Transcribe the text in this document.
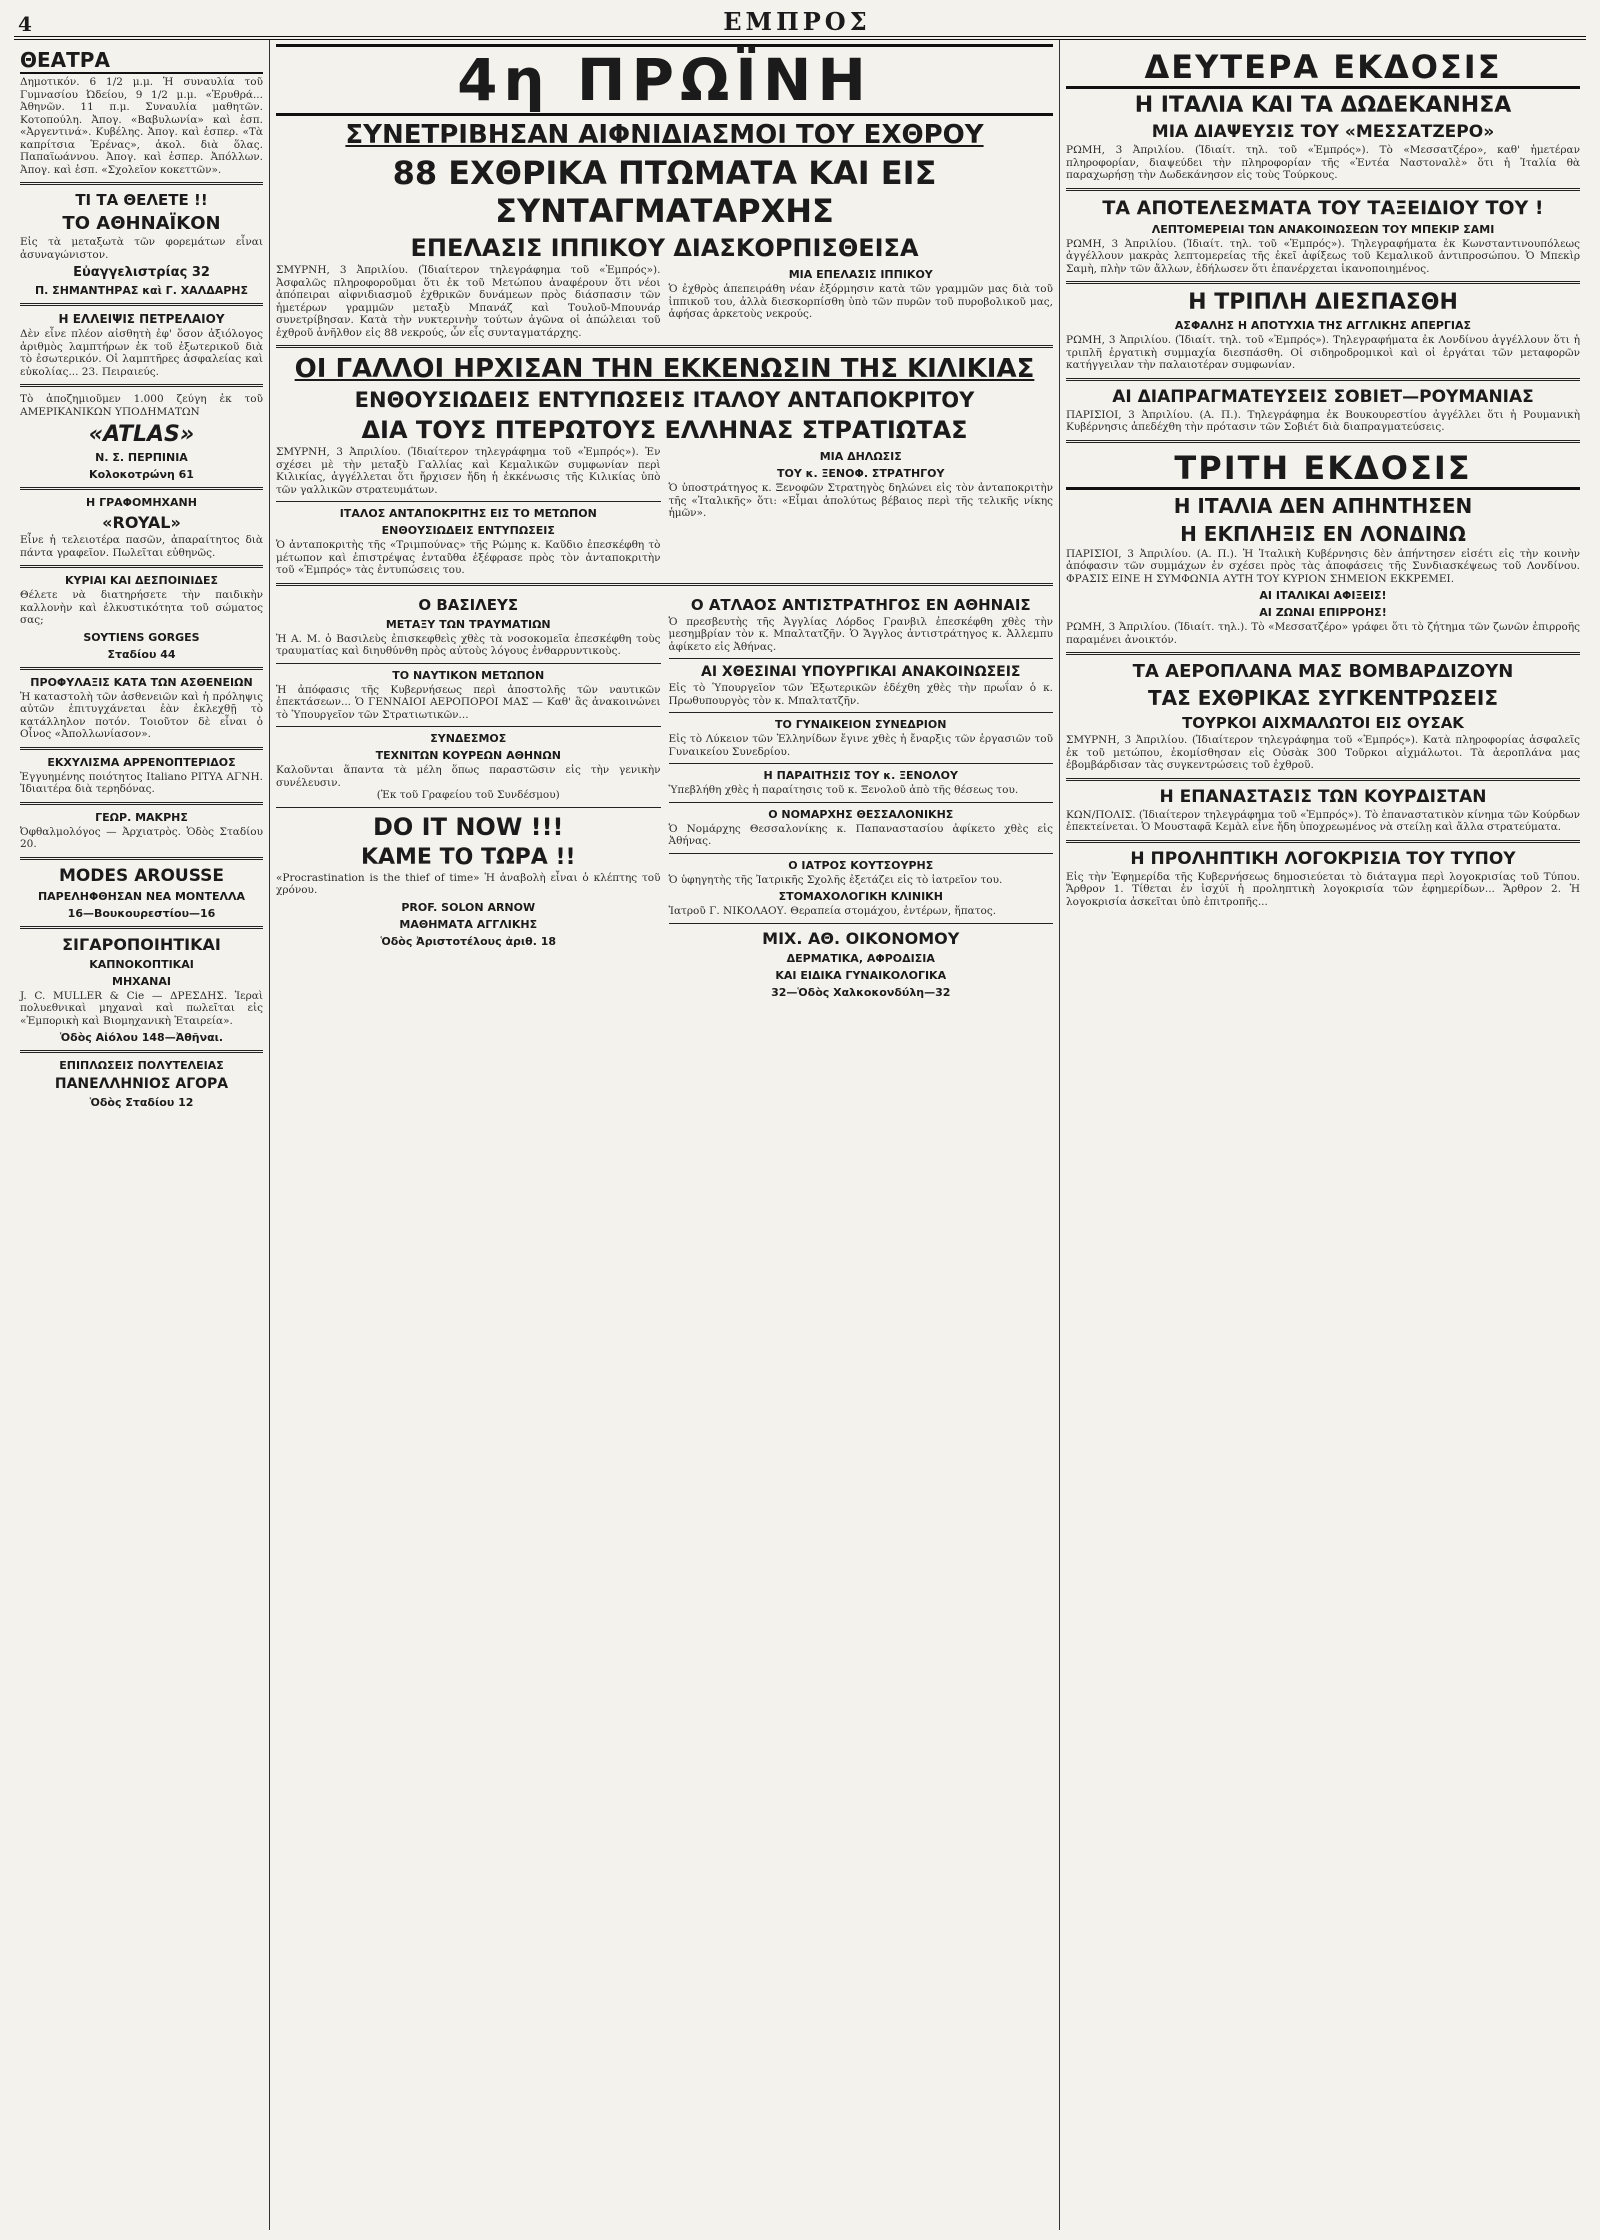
4	ΕΜΠΡΟΣ
ΘΕΑΤΡΑ
Δημοτικόν. 6 1/2 μ.μ. Ἡ συναυλία τοῦ Γυμνασίου Ὠδείου, 9 1/2 μ.μ. «Ἐρυθρά... Ἀθηνῶν. 11 π.μ. Συναυλία μαθητῶν. Κοτοπούλη. Ἀπογ. «Βαβυλωνία» καὶ ἑσπ. «Ἀργεντινά». Κυβέλης. Ἀπογ. καὶ ἑσπερ. «Τὰ καπρίτσια Ἑρένας», ἀκολ. διὰ ὅλας. Παπαϊωάννου. Ἀπογ. καὶ ἑσπερ. Ἀπόλλων. Ἀπογ. καὶ ἑσπ. «Σχολεῖον κοκεττῶν».
ΤΙ ΤΑ ΘΕΛΕΤΕ !!
ΤΟ ΑΘΗΝΑΪΚΟΝ
Εἰς τὰ μεταξωτὰ τῶν φορεμάτων εἶναι ἀσυναγώνιστον.
Εὐαγγελιστρίας 32
Π. ΣΗΜΑΝΤΗΡΑΣ καὶ Γ. ΧΑΛΔΑΡΗΣ
Η ΕΛΛΕΙΨΙΣ ΠΕΤΡΕΛΑΙΟΥ
Δὲν εἶνε πλέον αἰσθητὴ ἐφ' ὅσον ἀξιόλογος ἀριθμὸς λαμπτήρων ἐκ τοῦ ἐξωτερικοῦ διὰ τὸ ἐσωτερικόν. Οἱ λαμπτῆρες ἀσφαλείας καὶ εὐκολίας... 23. Πειραιεύς.
Τὸ ἀποζημιοῦμεν 1.000 ζεύγη ἐκ τοῦ ΑΜΕΡΙΚΑΝΙΚΩΝ ΥΠΟΔΗΜΑΤΩΝ
«ATLAS»
Ν. Σ. ΠΕΡΠΙΝΙΑ
Κολοκοτρώνη 61
Η ΓΡΑΦΟΜΗΧΑΝΗ
«ROYAL»
Εἶνε ἡ τελειοτέρα πασῶν, ἀπαραίτητος διὰ πάντα γραφεῖον. Πωλεῖται εὐθηνῶς.
ΚΥΡΙΑΙ ΚΑΙ ΔΕΣΠΟΙΝΙΔΕΣ
Θέλετε νὰ διατηρήσετε τὴν παιδικὴν καλλονὴν καὶ ἐλκυστικότητα τοῦ σώματος σας;
SOYTIENS GORGES
Σταδίου 44
ΠΡΟΦΥΛΑΞΙΣ ΚΑΤΑ ΤΩΝ ΑΣΘΕΝΕΙΩΝ
Ἡ καταστολὴ τῶν ἀσθενειῶν καὶ ἡ πρόληψις αὐτῶν ἐπιτυγχάνεται ἐὰν ἐκλεχθῇ τὸ κατάλληλον ποτόν. Τοιοῦτον δὲ εἶναι ὁ Οἶνος «Ἀπολλωνίασον».
ΕΚΧΥΛΙΣΜΑ ΑΡΡΕΝΟΠΤΕΡΙΔΟΣ
Ἐγγυημένης ποιότητος Italiano PITYA ΑΓΝΗ. Ἰδιαιτέρα διὰ τερηδόνας.
ΓΕΩΡ. ΜΑΚΡΗΣ
Ὀφθαλμολόγος — Ἀρχιατρὸς. Ὁδὸς Σταδίου 20.
MODES AROUSSE
ΠΑΡΕΛΗΦΘΗΣΑΝ ΝΕΑ ΜΟΝΤΕΛΛΑ
16—Βουκουρεστίου—16
ΣΙΓΑΡΟΠΟΙΗΤΙΚΑΙ
ΚΑΠΝΟΚΟΠΤΙΚΑΙ
ΜΗΧΑΝΑΙ
J. C. MULLER & Cie — ΔΡΕΣΔΗΣ. Ἱεραὶ πολυεθνικαὶ μηχαναὶ καὶ πωλεῖται εἰς «Ἐμπορικὴ καὶ Βιομηχανικὴ Ἑταιρεία».
Ὁδὸς Αἰόλου 148—Ἀθῆναι.
ΕΠΙΠΛΩΣΕΙΣ ΠΟΛΥΤΕΛΕΙΑΣ
ΠΑΝΕΛΛΗΝΙΟΣ ΑΓΟΡΑ
Ὁδὸς Σταδίου 12
4η ΠΡΩΪΝΗ
ΣΥΝΕΤΡΙΒΗΣΑΝ ΑΙΦΝΙΔΙΑΣΜΟΙ ΤΟΥ ΕΧΘΡΟΥ
88 ΕΧΘΡΙΚΑ ΠΤΩΜΑΤΑ ΚΑΙ ΕΙΣ ΣΥΝΤΑΓΜΑΤΑΡΧΗΣ
ΕΠΕΛΑΣΙΣ ΙΠΠΙΚΟΥ ΔΙΑΣΚΟΡΠΙΣΘΕΙΣΑ
ΣΜΥΡΝΗ, 3 Ἀπριλίου. (Ἰδιαίτερον τηλεγράφημα τοῦ «Ἐμπρός»). Ἀσφαλῶς πληροφοροῦμαι ὅτι ἐκ τοῦ Μετώπου ἀναφέρουν ὅτι νέοι ἀπόπειραι αἰφνιδιασμοῦ ἐχθρικῶν δυνάμεων πρὸς διάσπασιν τῶν ἡμετέρων γραμμῶν μεταξὺ Μπανάζ καὶ Τουλοῦ-Μπουνάρ συνετρίβησαν. Κατὰ τὴν νυκτερινὴν τούτων ἀγῶνα οἱ ἀπώλειαι τοῦ ἐχθροῦ ἀνῆλθον εἰς 88 νεκρούς, ὧν εἷς συνταγματάρχης.
ΜΙΑ ΕΠΕΛΑΣΙΣ ΙΠΠΙΚΟΥ
Ὁ ἐχθρὸς ἀπεπειράθη νέαν ἐξόρμησιν κατὰ τῶν γραμμῶν μας διὰ τοῦ ἱππικοῦ του, ἀλλὰ διεσκορπίσθη ὑπὸ τῶν πυρῶν τοῦ πυροβολικοῦ μας, ἀφήσας ἀρκετοὺς νεκρούς.
ΟΙ ΓΑΛΛΟΙ ΗΡΧΙΣΑΝ ΤΗΝ ΕΚΚΕΝΩΣΙΝ ΤΗΣ ΚΙΛΙΚΙΑΣ
ΕΝΘΟΥΣΙΩΔΕΙΣ ΕΝΤΥΠΩΣΕΙΣ ΙΤΑΛΟΥ ΑΝΤΑΠΟΚΡΙΤΟΥ
ΔΙΑ ΤΟΥΣ ΠΤΕΡΩΤΟΥΣ ΕΛΛΗΝΑΣ ΣΤΡΑΤΙΩΤΑΣ
ΣΜΥΡΝΗ, 3 Ἀπριλίου. (Ἰδιαίτερον τηλεγράφημα τοῦ «Ἐμπρός»). Ἐν σχέσει μὲ τὴν μεταξὺ Γαλλίας καὶ Κεμαλικῶν συμφωνίαν περὶ Κιλικίας, ἀγγέλλεται ὅτι ἤρχισεν ἤδη ἡ ἐκκένωσις τῆς Κιλικίας ὑπὸ τῶν γαλλικῶν στρατευμάτων.
ΙΤΑΛΟΣ ΑΝΤΑΠΟΚΡΙΤΗΣ ΕΙΣ ΤΟ ΜΕΤΩΠΟΝ
ΕΝΘΟΥΣΙΩΔΕΙΣ ΕΝΤΥΠΩΣΕΙΣ
Ὁ ἀνταποκριτὴς τῆς «Τριμπούνας» τῆς Ρώμης κ. Καῦδιο ἐπεσκέφθη τὸ μέτωπον καὶ ἐπιστρέψας ἐνταῦθα ἐξέφρασε πρὸς τὸν ἀνταποκριτὴν τοῦ «Ἐμπρός» τὰς ἐντυπώσεις του.
ΜΙΑ ΔΗΛΩΣΙΣ
ΤΟΥ κ. ΞΕΝΟΦ. ΣΤΡΑΤΗΓΟΥ
Ὁ ὑποστράτηγος κ. Ξενοφῶν Στρατηγὸς δηλώνει εἰς τὸν ἀνταποκριτὴν τῆς «Ἰταλικῆς» ὅτι: «Εἶμαι ἀπολύτως βέβαιος περὶ τῆς τελικῆς νίκης ἡμῶν».
Ο ΒΑΣΙΛΕΥΣ
ΜΕΤΑΞΥ ΤΩΝ ΤΡΑΥΜΑΤΙΩΝ
Ἡ Α. Μ. ὁ Βασιλεὺς ἐπισκεφθεὶς χθὲς τὰ νοσοκομεῖα ἐπεσκέφθη τοὺς τραυματίας καὶ διηυθύνθη πρὸς αὐτοὺς λόγους ἐνθαρρυντικοὺς.
ΤΟ ΝΑΥΤΙΚΟΝ ΜΕΤΩΠΟΝ
Ἡ ἀπόφασις τῆς Κυβερνήσεως περὶ ἀποστολῆς τῶν ναυτικῶν ἐπεκτάσεων... Ὁ ΓΕΝΝΑΙΟΙ ΑΕΡΟΠΟΡΟΙ ΜΑΣ — Καθ' ἃς ἀνακοινώνει τὸ Ὑπουργεῖον τῶν Στρατιωτικῶν...
ΣΥΝΔΕΣΜΟΣ
ΤΕΧΝΙΤΩΝ ΚΟΥΡΕΩΝ ΑΘΗΝΩΝ
Καλοῦνται ἅπαντα τὰ μέλη ὅπως παραστῶσιν εἰς τὴν γενικὴν συνέλευσιν.
(Ἐκ τοῦ Γραφείου τοῦ Συνδέσμου)
DO IT NOW !!!
ΚΑΜΕ ΤΟ ΤΩΡΑ !!
«Procrastination is the thief of time» Ἡ ἀναβολὴ εἶναι ὁ κλέπτης τοῦ χρόνου.
PROF. SOLON ARNOW
ΜΑΘΗΜΑΤΑ ΑΓΓΛΙΚΗΣ
Ὁδὸς Ἀριστοτέλους ἀριθ. 18
Ο ΑΤΛΑΟΣ ΑΝΤΙΣΤΡΑΤΗΓΟΣ ΕΝ ΑΘΗΝΑΙΣ
Ὁ πρεσβευτὴς τῆς Ἀγγλίας Λόρδος Γρανβιλ ἐπεσκέφθη χθὲς τὴν μεσημβρίαν τὸν κ. Μπαλτατζῆν. Ὁ Ἄγγλος ἀντιστράτηγος κ. Ἀλλεμπυ ἀφίκετο εἰς Ἀθήνας.
ΑΙ ΧΘΕΣΙΝΑΙ ΥΠΟΥΡΓΙΚΑΙ ΑΝΑΚΟΙΝΩΣΕΙΣ
Εἰς τὸ Ὑπουργεῖον τῶν Ἐξωτερικῶν ἐδέχθη χθὲς τὴν πρωΐαν ὁ κ. Πρωθυπουργὸς τὸν κ. Μπαλτατζῆν.
ΤΟ ΓΥΝΑΙΚΕΙΟΝ ΣΥΝΕΔΡΙΟΝ
Εἰς τὸ Λύκειον τῶν Ἑλληνίδων ἔγινε χθὲς ἡ ἔναρξις τῶν ἐργασιῶν τοῦ Γυναικείου Συνεδρίου.
Η ΠΑΡΑΙΤΗΣΙΣ ΤΟΥ κ. ΞΕΝΟΛΟΥ
Ὑπεβλήθη χθὲς ἡ παραίτησις τοῦ κ. Ξενολοῦ ἀπὸ τῆς θέσεως του.
Ο ΝΟΜΑΡΧΗΣ ΘΕΣΣΑΛΟΝΙΚΗΣ
Ὁ Νομάρχης Θεσσαλονίκης κ. Παπαναστασίου ἀφίκετο χθὲς εἰς Ἀθήνας.
Ο ΙΑΤΡΟΣ ΚΟΥΤΣΟΥΡΗΣ
Ὁ ὑφηγητὴς τῆς Ἰατρικῆς Σχολῆς ἐξετάζει εἰς τὸ ἰατρεῖον του.
ΣΤΟΜΑΧΟΛΟΓΙΚΗ ΚΛΙΝΙΚΗ
Ἰατροῦ Γ. ΝΙΚΟΛΑΟΥ. Θεραπεία στομάχου, ἐντέρων, ἥπατος.
ΜΙΧ. ΑΘ. ΟΙΚΟΝΟΜΟΥ
ΔΕΡΜΑΤΙΚΑ, ΑΦΡΟΔΙΣΙΑ
ΚΑΙ ΕΙΔΙΚΑ ΓΥΝΑΙΚΟΛΟΓΙΚΑ
32—Ὁδὸς Χαλκοκονδύλη—32
ΔΕΥΤΕΡΑ ΕΚΔΟΣΙΣ
Η ΙΤΑΛΙΑ ΚΑΙ ΤΑ ΔΩΔΕΚΑΝΗΣΑ
ΜΙΑ ΔΙΑΨΕΥΣΙΣ ΤΟΥ «ΜΕΣΣΑΤΖΕΡΟ»
ΡΩΜΗ, 3 Ἀπριλίου. (Ἰδιαίτ. τηλ. τοῦ «Ἐμπρός»). Τὸ «Μεσσατζέρο», καθ' ἡμετέραν πληροφορίαν, διαψεύδει τὴν πληροφορίαν τῆς «Ἐντέα Ναστοναλὲ» ὅτι ἡ Ἰταλία θὰ παραχωρήσῃ τὴν Δωδεκάνησον εἰς τοὺς Τούρκους.
ΤΑ ΑΠΟΤΕΛΕΣΜΑΤΑ ΤΟΥ ΤΑΞΕΙΔΙΟΥ ΤΟΥ !
ΛΕΠΤΟΜΕΡΕΙΑΙ ΤΩΝ ΑΝΑΚΟΙΝΩΣΕΩΝ ΤΟΥ ΜΠΕΚΙΡ ΣΑΜΙ
ΡΩΜΗ, 3 Ἀπριλίου. (Ἰδιαίτ. τηλ. τοῦ «Ἐμπρός»). Τηλεγραφήματα ἐκ Κωνσταντινουπόλεως ἀγγέλλουν μακρὰς λεπτομερείας τῆς ἐκεῖ ἀφίξεως τοῦ Κεμαλικοῦ ἀντιπροσώπου. Ὁ Μπεκὶρ Σαμὴ, πλὴν τῶν ἄλλων, ἐδήλωσεν ὅτι ἐπανέρχεται ἱκανοποιημένος.
Η ΤΡΙΠΛΗ ΔΙΕΣΠΑΣΘΗ
ΑΣΦΑΛΗΣ Η ΑΠΟΤΥΧΙΑ ΤΗΣ ΑΓΓΛΙΚΗΣ ΑΠΕΡΓΙΑΣ
ΡΩΜΗ, 3 Ἀπριλίου. (Ἰδιαίτ. τηλ. τοῦ «Ἐμπρός»). Τηλεγραφήματα ἐκ Λονδίνου ἀγγέλλουν ὅτι ἡ τριπλῆ ἐργατικὴ συμμαχία διεσπάσθη. Οἱ σιδηροδρομικοὶ καὶ οἱ ἐργάται τῶν μεταφορῶν κατήγγειλαν τὴν παλαιοτέραν συμφωνίαν.
ΑΙ ΔΙΑΠΡΑΓΜΑΤΕΥΣΕΙΣ ΣΟΒΙΕΤ—ΡΟΥΜΑΝΙΑΣ
ΠΑΡΙΣΙΟΙ, 3 Ἀπριλίου. (Α. Π.). Τηλεγράφημα ἐκ Βουκουρεστίου ἀγγέλλει ὅτι ἡ Ρουμανικὴ Κυβέρνησις ἀπεδέχθη τὴν πρότασιν τῶν Σοβιέτ διὰ διαπραγματεύσεις.
ΤΡΙΤΗ ΕΚΔΟΣΙΣ
Η ΙΤΑΛΙΑ ΔΕΝ ΑΠΗΝΤΗΣΕΝ
Η ΕΚΠΛΗΞΙΣ ΕΝ ΛΟΝΔΙΝΩ
ΠΑΡΙΣΙΟΙ, 3 Ἀπριλίου. (Α. Π.). Ἡ Ἰταλικὴ Κυβέρνησις δὲν ἀπήντησεν εἰσέτι εἰς τὴν κοινὴν ἀπόφασιν τῶν συμμάχων ἐν σχέσει πρὸς τὰς ἀποφάσεις τῆς Συνδιασκέψεως τοῦ Λονδίνου. ΦΡΑΣΙΣ ΕΙΝΕ Η ΣΥΜΦΩΝΙΑ ΑΥΤΗ ΤΟΥ ΚΥΡΙΟΝ ΣΗΜΕΙΟΝ ΕΚΚΡΕΜΕΙ.
ΑΙ ΙΤΑΛΙΚΑΙ ΑΦΙΞΕΙΣ!
ΑΙ ΖΩΝΑΙ ΕΠΙΡΡΟΗΣ!
ΡΩΜΗ, 3 Ἀπριλίου. (Ἰδιαίτ. τηλ.). Τὸ «Μεσσατζέρο» γράφει ὅτι τὸ ζήτημα τῶν ζωνῶν ἐπιρροῆς παραμένει ἀνοικτόν.
ΤΑ ΑΕΡΟΠΛΑΝΑ ΜΑΣ ΒΟΜΒΑΡΔΙΖΟΥΝ
ΤΑΣ ΕΧΘΡΙΚΑΣ ΣΥΓΚΕΝΤΡΩΣΕΙΣ
ΤΟΥΡΚΟΙ ΑΙΧΜΑΛΩΤΟΙ ΕΙΣ ΟΥΣΑΚ
ΣΜΥΡΝΗ, 3 Ἀπριλίου. (Ἰδιαίτερον τηλεγράφημα τοῦ «Ἐμπρός»). Κατὰ πληροφορίας ἀσφαλεῖς ἐκ τοῦ μετώπου, ἐκομίσθησαν εἰς Οὐσὰκ 300 Τοῦρκοι αἰχμάλωτοι. Τὰ ἀεροπλάνα μας ἐβομβάρδισαν τὰς συγκεντρώσεις τοῦ ἐχθροῦ.
Η ΕΠΑΝΑΣΤΑΣΙΣ ΤΩΝ ΚΟΥΡΔΙΣΤΑΝ
ΚΩΝ/ΠΟΛΙΣ. (Ἰδιαίτερον τηλεγράφημα τοῦ «Ἐμπρός»). Τὸ ἐπαναστατικὸν κίνημα τῶν Κούρδων ἐπεκτείνεται. Ὁ Μουσταφᾶ Κεμὰλ εἶνε ἤδη ὑποχρεωμένος νὰ στείλῃ καὶ ἄλλα στρατεύματα.
Η ΠΡΟΛΗΠΤΙΚΗ ΛΟΓΟΚΡΙΣΙΑ ΤΟΥ ΤΥΠΟΥ
Εἰς τὴν Ἐφημερίδα τῆς Κυβερνήσεως δημοσιεύεται τὸ διάταγμα περὶ λογοκρισίας τοῦ Τύπου. Ἄρθρον 1. Τίθεται ἐν ἰσχύϊ ἡ προληπτικὴ λογοκρισία τῶν ἐφημερίδων... Ἄρθρον 2. Ἡ λογοκρισία ἀσκεῖται ὑπὸ ἐπιτροπῆς...
